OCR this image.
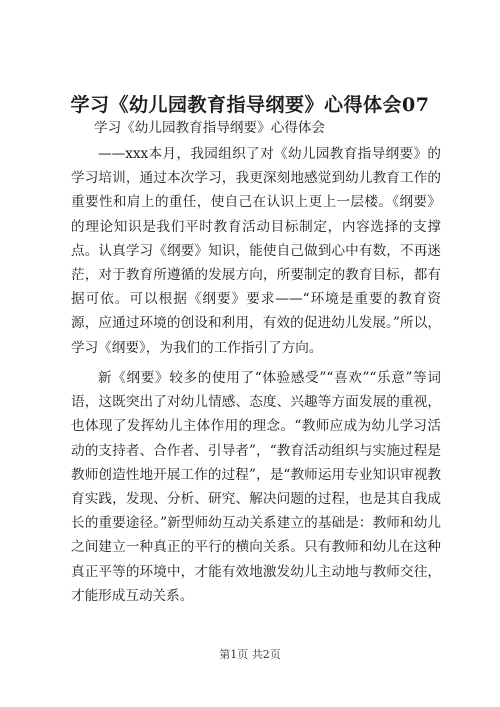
学习《幼儿园教育指导纲要》心得体会07
学习《幼儿园教育指导纲要》心得体会

——xxx本月，我园组织了对《幼儿园教育指导纲要》的学习培训，通过本次学习，我更深刻地感觉到幼儿教育工作的重要性和肩上的重任，使自己在认识上更上一层楼。《纲要》的理论知识是我们平时教育活动目标制定，内容选择的支撑点。认真学习《纲要》知识，能使自己做到心中有数，不再迷茫，对于教育所遵循的发展方向，所要制定的教育目标，都有据可依。可以根据《纲要》要求——“环境是重要的教育资源，应通过环境的创设和利用，有效的促进幼儿发展。”所以，学习《纲要》，为我们的工作指引了方向。

新《纲要》较多的使用了“体验感受”“喜欢”“乐意”等词语，这既突出了对幼儿情感、态度、兴趣等方面发展的重视，也体现了发挥幼儿主体作用的理念。“教师应成为幼儿学习活动的支持者、合作者、引导者”，“教育活动组织与实施过程是教师创造性地开展工作的过程”，是“教师运用专业知识审视教育实践，发现、分析、研究、解决问题的过程，也是其自我成长的重要途径。”新型师幼互动关系建立的基础是：教师和幼儿之间建立一种真正的平行的横向关系。只有教师和幼儿在这种真正平等的环境中，才能有效地激发幼儿主动地与教师交往，才能形成互动关系。

第1页 共2页
